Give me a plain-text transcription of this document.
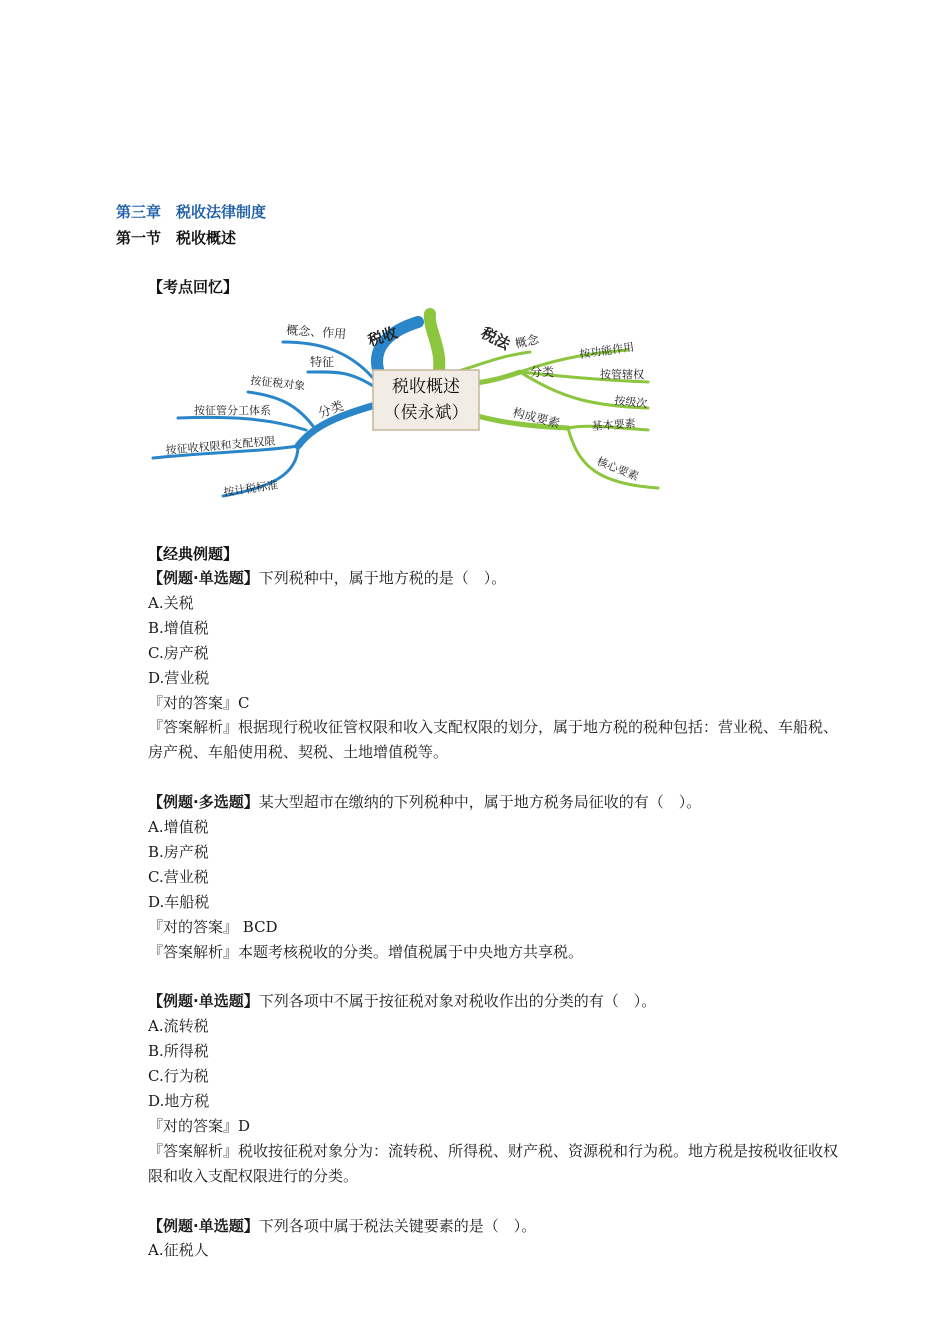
第三章　税收法律制度
第一节　税收概述
【考点回忆】
税收概述
（侯永斌）
税收
概念、作用
特征
分类
按征税对象
按征管分工体系
按征收权限和支配权限
按计税标准
税法 概念
分类
按功能作用
按管辖权
按级次
构成要素	基本要素
核心要素
【经典例题】
【例题·单选题】下列税种中，属于地方税的是（　）。
A.关税
B.增值税
C.房产税
D.营业税
『对的答案』C
『答案解析』根据现行税收征管权限和收入支配权限的划分，属于地方税的税种包括：营业税、车船税、房产税、车船使用税、契税、土地增值税等。
【例题·多选题】某大型超市在缴纳的下列税种中，属于地方税务局征收的有（　）。
A.增值税
B.房产税
C.营业税
D.车船税
『对的答案』 BCD
『答案解析』本题考核税收的分类。增值税属于中央地方共享税。
【例题·单选题】下列各项中不属于按征税对象对税收作出的分类的有（　）。
A.流转税
B.所得税
C.行为税
D.地方税
『对的答案』D
『答案解析』税收按征税对象分为：流转税、所得税、财产税、资源税和行为税。地方税是按税收征收权限和收入支配权限进行的分类。
【例题·单选题】下列各项中属于税法关键要素的是（　）。
A.征税人
